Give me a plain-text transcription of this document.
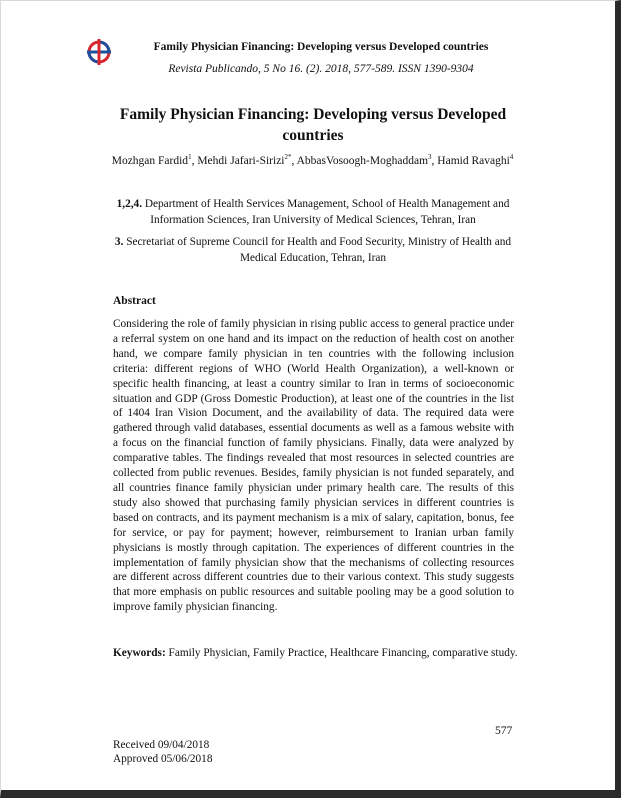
Family Physician Financing: Developing versus Developed countries
Revista Publicando, 5 No 16. (2). 2018, 577-589. ISSN 1390-9304
Family Physician Financing: Developing versus Developed
countries
Mozhgan Fardid$^1$, Mehdi Jafari-Sirizi$^{2*}$, AbbasVosoogh-Moghaddam$^3$, Hamid Ravaghi$^4$
1,2,4. Department of Health Services Management, School of Health Management and Information Sciences, Iran University of Medical Sciences, Tehran, Iran
3. Secretariat of Supreme Council for Health and Food Security, Ministry of Health and Medical Education, Tehran, Iran
Abstract
Considering the role of family physician in rising public access to general practice under a referral system on one hand and its impact on the reduction of health cost on another hand, we compare family physician in ten countries with the following inclusion criteria: different regions of WHO (World Health Organization), a well-known or specific health financing, at least a country similar to Iran in terms of socioeconomic situation and GDP (Gross Domestic Production), at least one of the countries in the list of 1404 Iran Vision Document, and the availability of data. The required data were gathered through valid databases, essential documents as well as a famous website with a focus on the financial function of family physicians. Finally, data were analyzed by comparative tables. The findings revealed that most resources in selected countries are collected from public revenues. Besides, family physician is not funded separately, and all countries finance family physician under primary health care. The results of this study also showed that purchasing family physician services in different countries is based on contracts, and its payment mechanism is a mix of salary, capitation, bonus, fee for service, or pay for payment; however, reimbursement to Iranian urban family physicians is mostly through capitation. The experiences of different countries in the implementation of family physician show that the mechanisms of collecting resources are different across different countries due to their various context. This study suggests that more emphasis on public resources and suitable pooling may be a good solution to improve family physician financing.
Keywords: Family Physician, Family Practice, Healthcare Financing, comparative study.
577
Received 09/04/2018
Approved 05/06/2018
